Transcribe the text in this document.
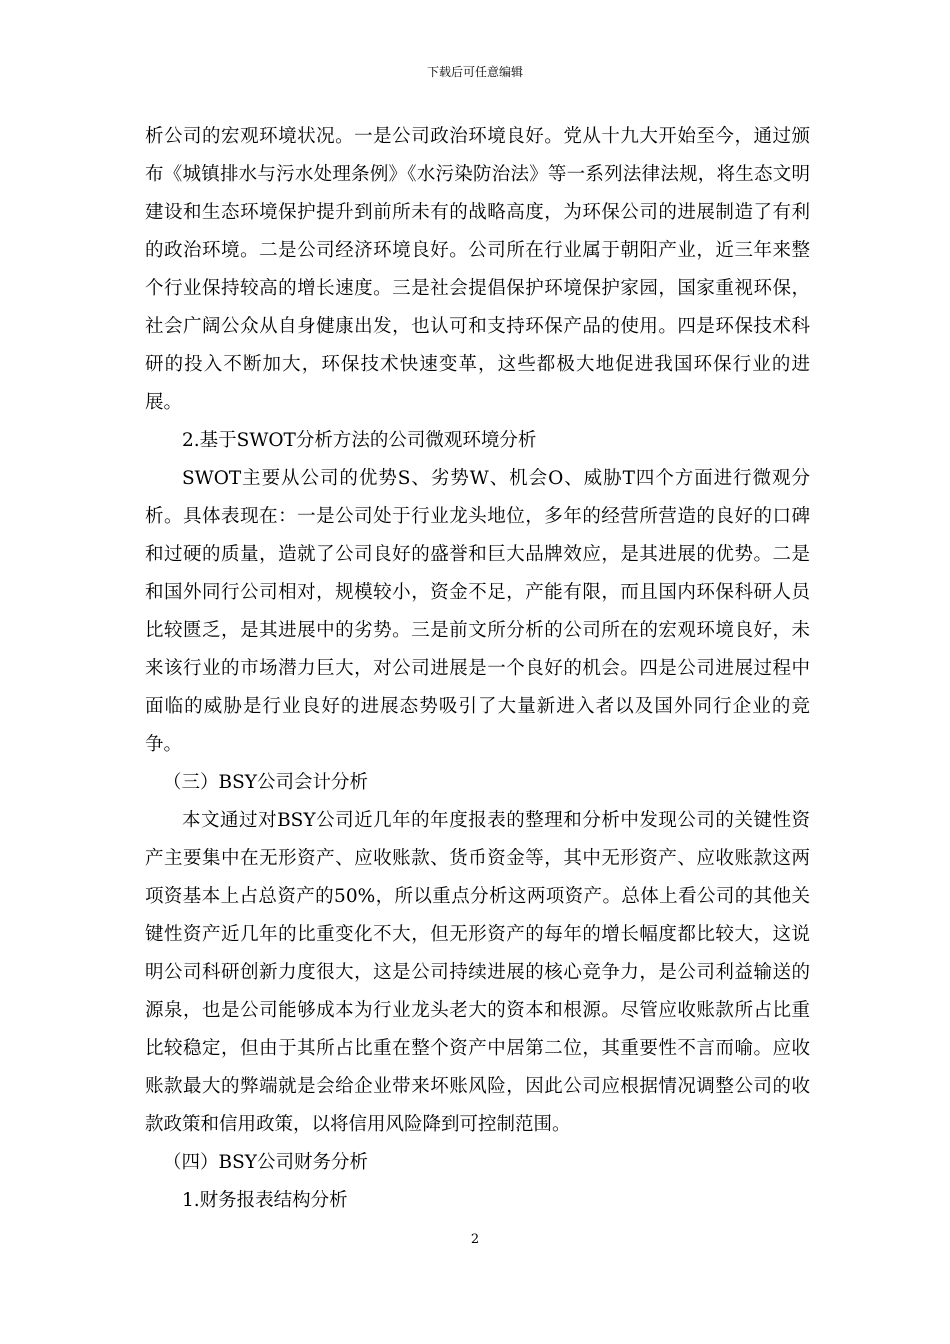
下载后可任意编辑

析公司的宏观环境状况。一是公司政治环境良好。党从十九大开始至今，通过颁布《城镇排水与污水处理条例》《水污染防治法》等一系列法律法规，将生态文明建设和生态环境保护提升到前所未有的战略高度，为环保公司的进展制造了有利的政治环境。二是公司经济环境良好。公司所在行业属于朝阳产业，近三年来整个行业保持较高的增长速度。三是社会提倡保护环境保护家园，国家重视环保，社会广阔公众从自身健康出发，也认可和支持环保产品的使用。四是环保技术科研的投入不断加大，环保技术快速变革，这些都极大地促进我国环保行业的进展。

2.基于SWOT分析方法的公司微观环境分析

SWOT主要从公司的优势S、劣势W、机会O、威胁T四个方面进行微观分析。具体表现在：一是公司处于行业龙头地位，多年的经营所营造的良好的口碑和过硬的质量，造就了公司良好的盛誉和巨大品牌效应，是其进展的优势。二是和国外同行公司相对，规模较小，资金不足，产能有限，而且国内环保科研人员比较匮乏，是其进展中的劣势。三是前文所分析的公司所在的宏观环境良好，未来该行业的市场潜力巨大，对公司进展是一个良好的机会。四是公司进展过程中面临的威胁是行业良好的进展态势吸引了大量新进入者以及国外同行企业的竞争。

（三）BSY公司会计分析

本文通过对BSY公司近几年的年度报表的整理和分析中发现公司的关键性资产主要集中在无形资产、应收账款、货币资金等，其中无形资产、应收账款这两项资基本上占总资产的50%，所以重点分析这两项资产。总体上看公司的其他关键性资产近几年的比重变化不大，但无形资产的每年的增长幅度都比较大，这说明公司科研创新力度很大，这是公司持续进展的核心竞争力，是公司利益输送的源泉，也是公司能够成本为行业龙头老大的资本和根源。尽管应收账款所占比重比较稳定，但由于其所占比重在整个资产中居第二位，其重要性不言而喻。应收账款最大的弊端就是会给企业带来坏账风险，因此公司应根据情况调整公司的收款政策和信用政策，以将信用风险降到可控制范围。

（四）BSY公司财务分析

1.财务报表结构分析

2
